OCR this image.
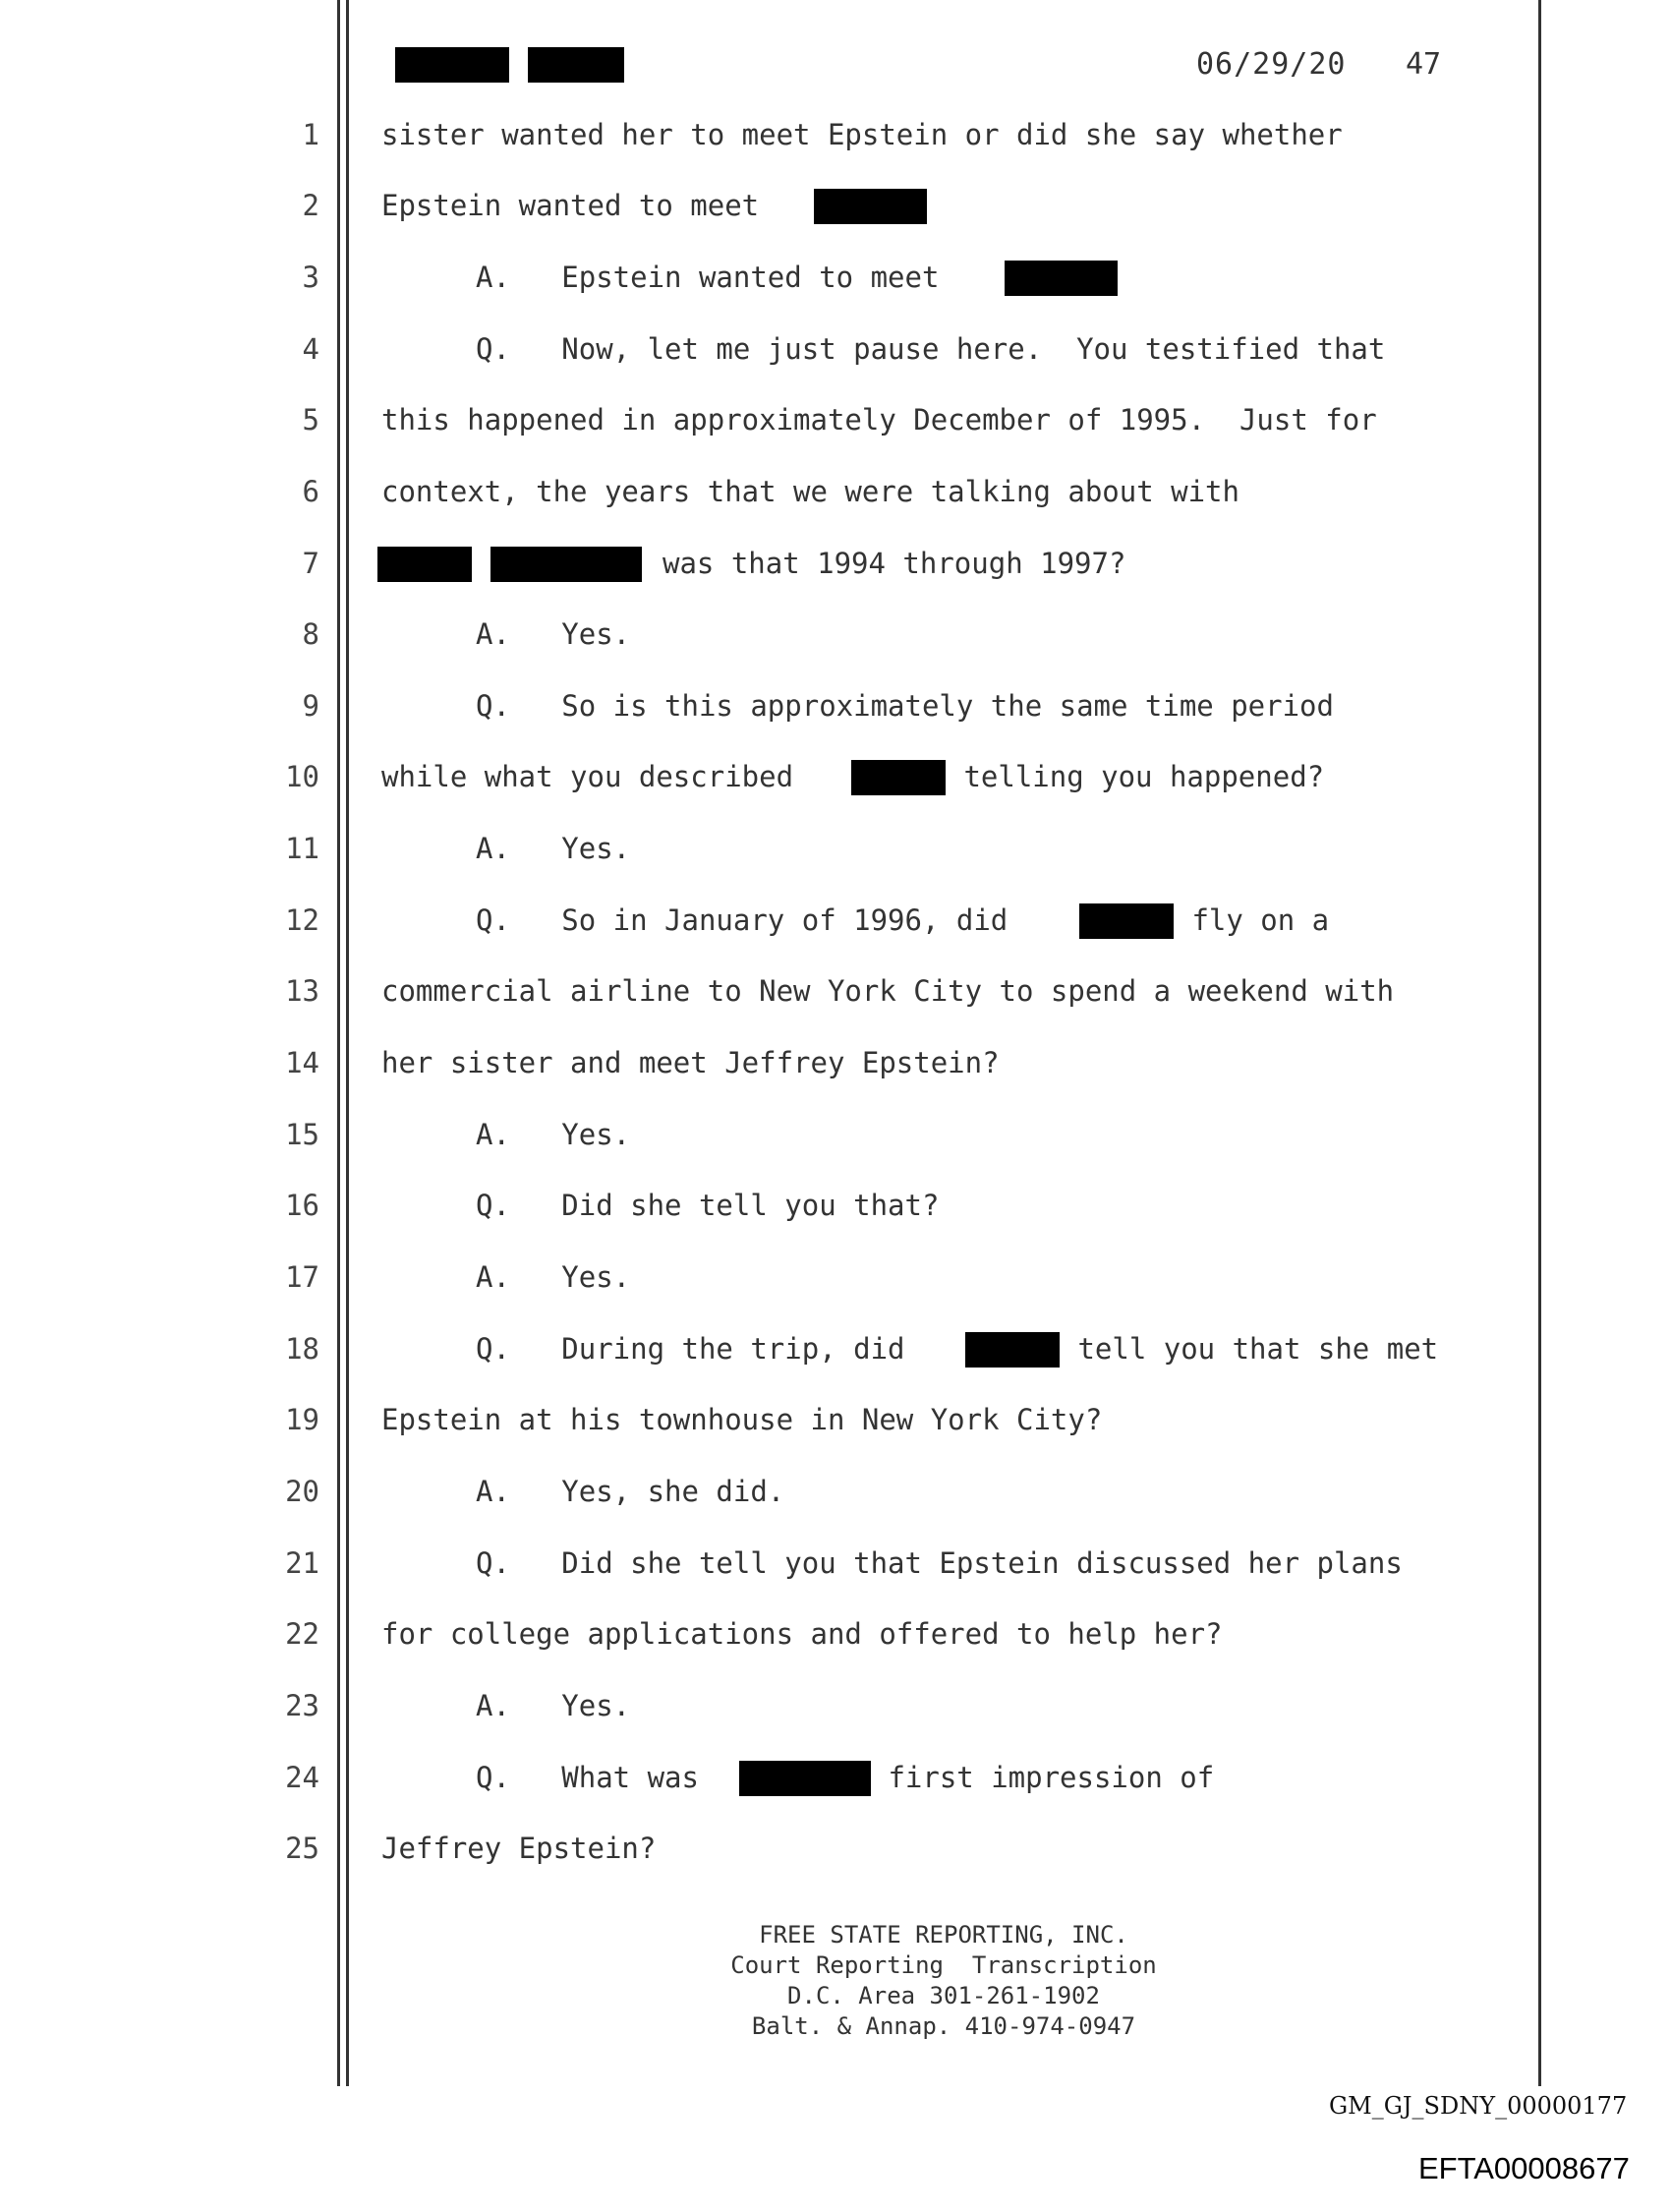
06/29/20 47
1 sister wanted her to meet Epstein or did she say whether
2 Epstein wanted to meet
3	A.   Epstein wanted to meet
4	Q.   Now, let me just pause here.  You testified that
5 this happened in approximately December of 1995.  Just for
6 context, the years that we were talking about with
7	was that 1994 through 1997?
8	A.   Yes.
9	Q.   So is this approximately the same time period
10 while what you described	telling you happened?
11	A.   Yes.
12	Q.   So in January of 1996, did	fly on a
13 commercial airline to New York City to spend a weekend with
14 her sister and meet Jeffrey Epstein?
15	A.   Yes.
16	Q.   Did she tell you that?
17	A.   Yes.
18	Q.   During the trip, did	tell you that she met
19 Epstein at his townhouse in New York City?
20	A.   Yes, she did.
21	Q.   Did she tell you that Epstein discussed her plans
22 for college applications and offered to help her?
23	A.   Yes.
24	Q.   What was	first impression of
25 Jeffrey Epstein?
FREE STATE REPORTING, INC.
Court Reporting  Transcription
D.C. Area 301-261-1902
Balt. & Annap. 410-974-0947
GM_GJ_SDNY_00000177
EFTA00008677
